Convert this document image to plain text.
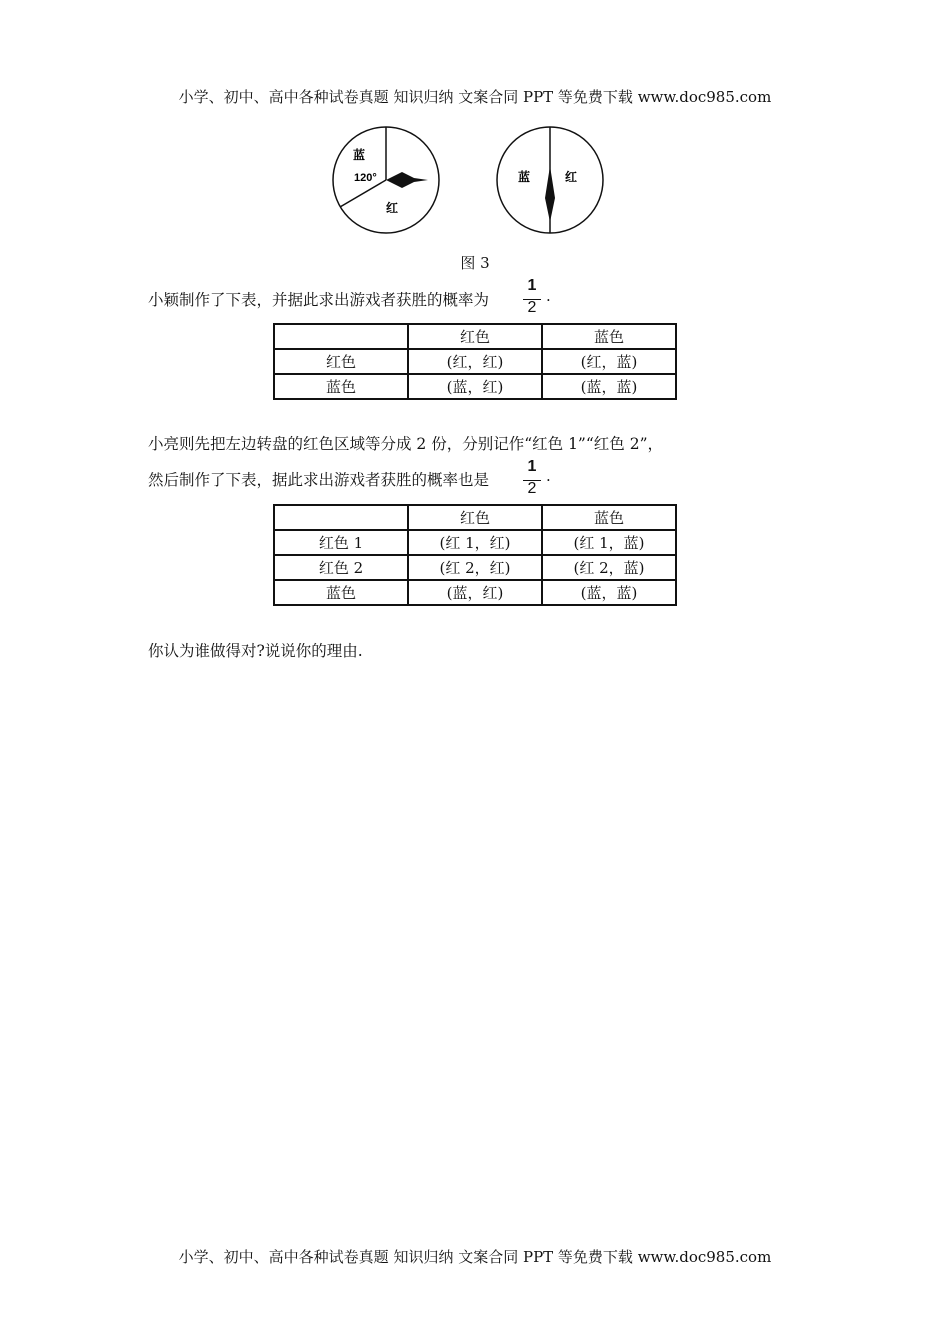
小学、初中、高中各种试卷真题 知识归纳 文案合同 PPT 等免费下载 www.doc985.com
蓝
120°
红
蓝	红
图 3
小颖制作了下表，并据此求出游戏者获胜的概率为
1
2
.
	红色	蓝色
红色	(红，红)	(红，蓝)
蓝色	(蓝，红)	(蓝，蓝)
小亮则先把左边转盘的红色区域等分成 2 份，分别记作“红色 1”“红色 2”，
然后制作了下表，据此求出游戏者获胜的概率也是
1
2
.
	红色	蓝色
红色 1	(红 1，红)	(红 1，蓝)
红色 2	(红 2，红)	(红 2，蓝)
蓝色	(蓝，红)	(蓝，蓝)
你认为谁做得对?说说你的理由.
小学、初中、高中各种试卷真题 知识归纳 文案合同 PPT 等免费下载 www.doc985.com
